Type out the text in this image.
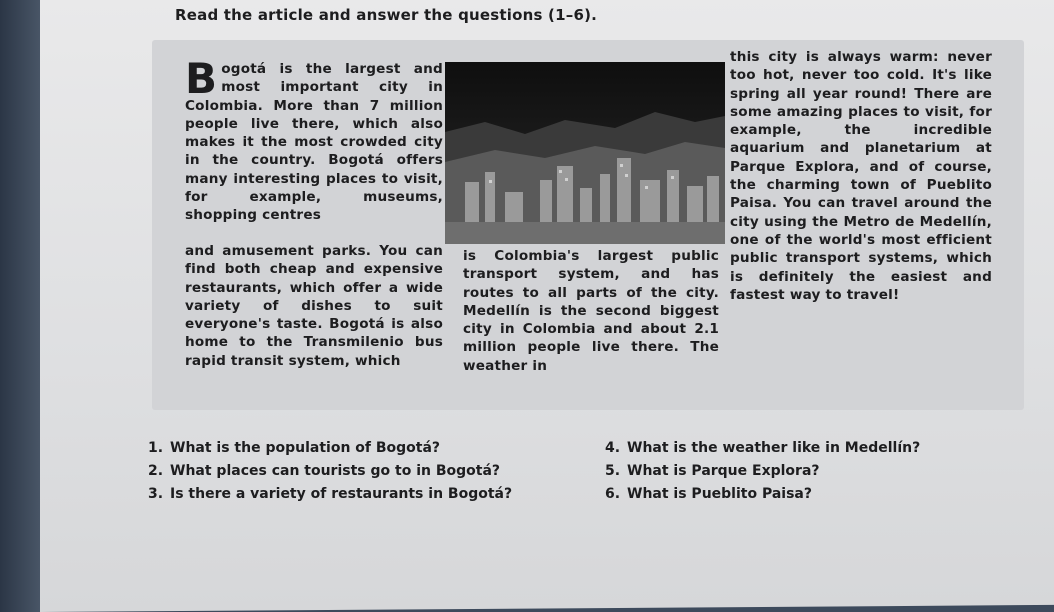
Read the article and answer the questions (1–6).
B ogotá is the largest and most important city in Colombia. More than 7 million people live there, which also makes it the most crowded city in the country. Bogotá offers many interesting places to visit, for example, museums, shopping centres
and amusement parks. You can find both cheap and expensive restaurants, which offer a wide variety of dishes to suit everyone's taste. Bogotá is also home to the Transmilenio bus rapid transit system, which
is Colombia's largest public transport system, and has routes to all parts of the city. Medellín is the second biggest city in Colombia and about 2.1 million people live there. The weather in
this city is always warm: never too hot, never too cold. It's like spring all year round! There are some amazing places to visit, for example, the incredible aquarium and planetarium at Parque Explora, and of course, the charming town of Pueblito Paisa. You can travel around the city using the Metro de Medellín, one of the world's most efficient public transport systems, which is definitely the easiest and fastest way to travel!
1. What is the population of Bogotá?
2. What places can tourists go to in Bogotá?
3. Is there a variety of restaurants in Bogotá?
4. What is the weather like in Medellín?
5. What is Parque Explora?
6. What is Pueblito Paisa?
